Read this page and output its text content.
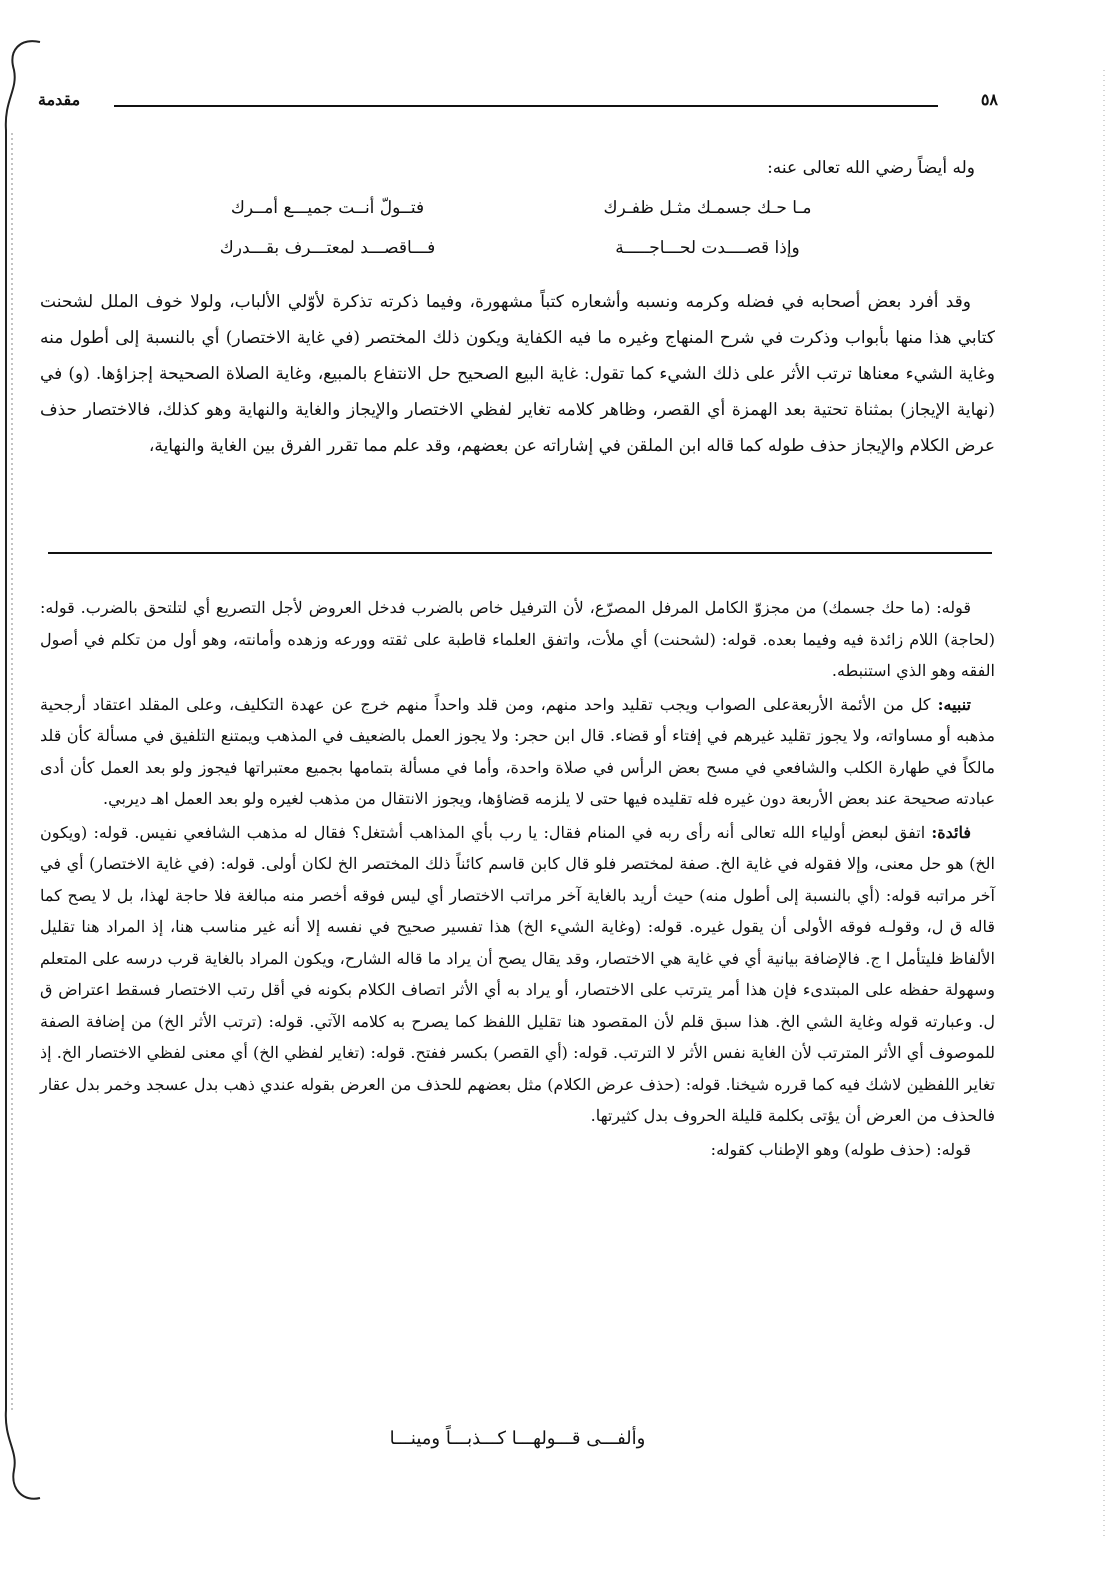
٥٨
مقدمة
وله أيضاً رضي الله تعالى عنه:
مـا حـك جسمـك مثـل ظفـرك
فتــولّ أنــت جميـــع أمــرك
وإذا قصــــدت لحـــاجـــــة
فـــاقصـــد لمعتـــرف بقـــدرك
وقد أفرد بعض أصحابه في فضله وكرمه ونسبه وأشعاره كتباً مشهورة، وفيما ذكرته تذكرة لأوّلي الألباب، ولولا خوف الملل لشحنت كتابي هذا منها بأبواب وذكرت في شرح المنهاج وغيره ما فيه الكفاية ويكون ذلك المختصر (في غاية الاختصار) أي بالنسبة إلى أطول منه وغاية الشيء معناها ترتب الأثر على ذلك الشيء كما تقول: غاية البيع الصحيح حل الانتفاع بالمبيع، وغاية الصلاة الصحيحة إجزاؤها. (و) في (نهاية الإيجاز) بمثناة تحتية بعد الهمزة أي القصر، وظاهر كلامه تغاير لفظي الاختصار والإيجاز والغاية والنهاية وهو كذلك، فالاختصار حذف عرض الكلام والإيجاز حذف طوله كما قاله ابن الملقن في إشاراته عن بعضهم، وقد علم مما تقرر الفرق بين الغاية والنهاية،

قوله: (ما حك جسمك) من مجزوّ الكامل المرفل المصرّع، لأن الترفيل خاص بالضرب فدخل العروض لأجل التصريع أي لتلتحق بالضرب. قوله: (لحاجة) اللام زائدة فيه وفيما بعده. قوله: (لشحنت) أي ملأت، واتفق العلماء قاطبة على ثقته وورعه وزهده وأمانته، وهو أول من تكلم في أصول الفقه وهو الذي استنبطه.

تنبيه: كل من الأئمة الأربعةعلى الصواب ويجب تقليد واحد منهم، ومن قلد واحداً منهم خرج عن عهدة التكليف، وعلى المقلد اعتقاد أرجحية مذهبه أو مساواته، ولا يجوز تقليد غيرهم في إفتاء أو قضاء. قال ابن حجر: ولا يجوز العمل بالضعيف في المذهب ويمتنع التلفيق في مسألة كأن قلد مالكاً في طهارة الكلب والشافعي في مسح بعض الرأس في صلاة واحدة، وأما في مسألة بتمامها بجميع معتبراتها فيجوز ولو بعد العمل كأن أدى عبادته صحيحة عند بعض الأربعة دون غيره فله تقليده فيها حتى لا يلزمه قضاؤها، ويجوز الانتقال من مذهب لغيره ولو بعد العمل اهـ ديربي.

فائدة: اتفق لبعض أولياء الله تعالى أنه رأى ربه في المنام فقال: يا رب بأي المذاهب أشتغل؟ فقال له مذهب الشافعي نفيس. قوله: (ويكون الخ) هو حل معنى، وإلا فقوله في غاية الخ. صفة لمختصر فلو قال كابن قاسم كائناً ذلك المختصر الخ لكان أولى. قوله: (في غاية الاختصار) أي في آخر مراتبه قوله: (أي بالنسبة إلى أطول منه) حيث أريد بالغاية آخر مراتب الاختصار أي ليس فوقه أخصر منه مبالغة فلا حاجة لهذا، بل لا يصح كما قاله ق ل، وقولـه فوقه الأولى أن يقول غيره. قوله: (وغاية الشيء الخ) هذا تفسير صحيح في نفسه إلا أنه غير مناسب هنا، إذ المراد هنا تقليل الألفاظ فليتأمل ا ج. فالإضافة بيانية أي في غاية هي الاختصار، وقد يقال يصح أن يراد ما قاله الشارح، ويكون المراد بالغاية قرب درسه على المتعلم وسهولة حفظه على المبتدىء فإن هذا أمر يترتب على الاختصار، أو يراد به أي الأثر اتصاف الكلام بكونه في أقل رتب الاختصار فسقط اعتراض ق ل. وعبارته قوله وغاية الشي الخ. هذا سبق قلم لأن المقصود هنا تقليل اللفظ كما يصرح به كلامه الآتي. قوله: (ترتب الأثر الخ) من إضافة الصفة للموصوف أي الأثر المترتب لأن الغاية نفس الأثر لا الترتب. قوله: (أي القصر) بكسر ففتح. قوله: (تغاير لفظي الخ) أي معنى لفظي الاختصار الخ. إذ تغاير اللفظين لاشك فيه كما قرره شيخنا. قوله: (حذف عرض الكلام) مثل بعضهم للحذف من العرض بقوله عندي ذهب بدل عسجد وخمر بدل عقار فالحذف من العرض أن يؤتى بكلمة قليلة الحروف بدل كثيرتها.

قوله: (حذف طوله) وهو الإطناب كقوله:

وألفـــى قـــولهـــا كـــذبـــاً ومينـــا
